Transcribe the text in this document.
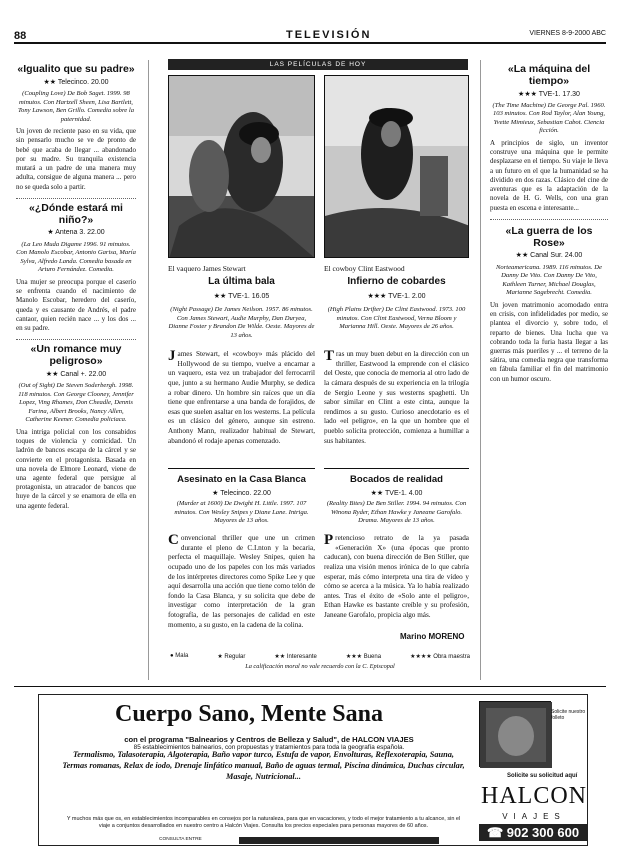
88	TELEVISIÓN	VIERNES 8-9-2000 ABC
«Igualito que su padre»
★★ Telecinco. 20.00
(Coupling Love) De Bob Saget. 1999. 98 minutos. Con Hartzell Sheen, Lisa Bartlett, Tony Lawson, Ben Grillo. Comedia sobre la paternidad.

Un joven de reciente paso en su vida, que sin pensarlo mucho se ve de pronto de bebé que acaba de llegar ... abandonado por su madre. Su tranquila existencia mutará a un padre de una manera muy adulta, consigue de alguna manera ... pero no se queda solo a partir.

«¿Dónde estará mi niño?»
★ Antena 3. 22.00
(La Leo Muda Digame 1996. 91 minutos. Con Manolo Escobar, Antonio Garisa, María Sylva, Alfredo Landa. Comedia basada en Arturo Fernández. Comedia.

Una mujer se preocupa porque el caserío se enfrenta cuando el nacimiento de Manolo Escobar, heredero del caserío, queda y es causante de Andrés, el padre cantaor, quien recién nace ... y los dos ... en su padre.

«Un romance muy peligroso»
★★ Canal +. 22.00
(Out of Sight) De Steven Soderbergh. 1998. 118 minutos. Con George Clooney, Jennifer Lopez, Ving Rhames, Don Cheadle, Dennis Farina, Albert Brooks, Nancy Allen, Catherine Keener. Comedia policiaca.

Una intriga policial con los consabidos toques de violencia y comicidad. Un ladrón de bancos escapa de la cárcel y se convierte en el protagonista. Basada en una novela de Elmore Leonard, viene de una agente federal que persigue al protagonista, un atracador de bancos que huye de la cárcel y se enamora de ella en una agente federal.

«La máquina del tiempo»
★★★ TVE-1. 17.30
(The Time Machine) De George Pal. 1960. 103 minutos. Con Rod Taylor, Alan Young, Yvette Mimieux, Sebastian Cabot. Ciencia ficción.

A principios de siglo, un inventor construye una máquina que le permite desplazarse en el tiempo. Su viaje le lleva a un futuro en el que la humanidad se ha dividido en dos razas. Clásico del cine de aventuras que es la adaptación de la novela de H. G. Wells, con una gran puesta en escena e interesante...

«La guerra de los Rose»
★★ Canal Sur. 24.00
Norteamericana. 1989. 116 minutos. De Danny De Vito. Con Danny De Vito, Kathleen Turner, Michael Douglas, Marianne Sagebrecht. Comedia.

Un joven matrimonio acomodado entra en crisis, con infidelidades por medio, se plantea el divorcio y, sobre todo, el reparto de bienes. Una lucha que va cobrando toda la furia hasta llegar a las guerras más pueriles y ... el terreno de la sátira, una comedia negra que transforma en fábula familiar el fin del matrimonio con un humor oscuro.

LAS PELÍCULAS DE HOY
El vaquero James Stewart
La última bala
★★ TVE-1. 16.05
(Night Passage) De James Neilson. 1957. 86 minutos. Con James Stewart, Audie Murphy, Dan Duryea, Dianne Foster y Brandon De Wilde. Oeste. Mayores de 13 años.
James Stewart, el «cowboy» más plácido del Hollywood de su tiempo, vuelve a encarnar a un vaquero, esta vez un trabajador del ferrocarril que, junto a su hermano Audie Murphy, se dedica a robar dinero. Un hombre sin raíces que un día tiene que enfrentarse a una banda de forajidos, de esas que suelen asaltar en los westerns. La película es un clásico del género, aunque sin estreno. Anthony Mann, realizador habitual de Stewart, abandonó el rodaje apenas comenzado.
El cowboy Clint Eastwood
Infierno de cobardes
★★★ TVE-1. 2.00
(High Plains Drifter) De Clint Eastwood. 1973. 100 minutos. Con Clint Eastwood, Verna Bloom y Marianna Hill. Oeste. Mayores de 26 años.
Tras un muy buen debut en la dirección con un thriller, Eastwood la emprende con el clásico del Oeste, que conocía de memoria al otro lado de la cámara después de su experiencia en la trilogía de Sergio Leone y sus westerns spaghetti. Un sabor similar en Clint a este cinta, aunque la rendimos a su gusto. Curioso anecdotario es el lado «el peligro», en la que un hombre que el pueblo solicita protección, comienza a humillar a sus habitantes.
Asesinato en la Casa Blanca
★ Telecinco. 22.00
(Murder at 1600) De Dwight H. Little. 1997. 107 minutos. Con Wesley Snipes y Diane Lane. Intriga. Mayores de 13 años.
Convencional thriller que une un crimen durante el pleno de C.I.nton y la becaria, perfecta el maquillaje. Wesley Snipes, quien ha ocupado uno de los papeles con los más variados de los intérpretes directores como Spike Lee y que aquí desarrolla una acción que tiene como telón de fondo la Casa Blanca, y su solicita que debe de investigar como interpretación de la gran fotografía, de las personajes de calidad en este momento, a su gusto, en la cadena de la colina.
Bocados de realidad
★★ TVE-1. 4.00
(Reality Bites) De Ben Stiller. 1994. 94 minutos. Con Winona Ryder, Ethan Hawke y Janeane Garofalo. Drama. Mayores de 13 años.
Pretencioso retrato de la ya pasada «Generación X» (una épocas que pronto caducan), con buena dirección de Ben Stiller, que realiza una visión menos irónica de lo que cabría esperar, más cómo interpreta una tira de vídeo y cómo se acerca a la música. Ya lo había realizado antes. Tras el éxito de «Solo ante el peligro», Ethan Hawke es bastante creíble y su profesión, Janeane Garofalo, propicia algo más.
Marino MORENO
● Mala	★ Regular	★★ Interesante	★★★ Buena	★★★★ Obra maestra
La calificación moral no vale recuerdo con la C. Episcopal
Cuerpo Sano, Mente Sana
con el programa "Balnearios y Centros de Belleza y Salud", de HALCON VIAJES
85 establecimientos balnearios, con propuestas y tratamientos para toda la geografía española.
Termalismo, Talasoterapia, Algoterapia, Baño vapor turco, Estufa de vapor, Envolturas, Reflexoterapia, Sauna, Termas romanas, Relax de iodo, Drenaje linfático manual, Baño de aguas termal, Piscina dinámica, Duchas circular, Masaje, Nutricional...
Y muchos más que os, en establecimientos incomparables en consejos por la naturaleza, para que en vacaciones, y todo el mejor tratamiento a tu alcance, sin el viaje a conjuntos desarrollados en nuestro centro a Halcón Viajes. Consulta los precios especiales para personas mayores de 60 años.
CONSULTA ENTRE
Solicite nuestro folleto
Solicite su solicitud aquí
HALCON
VIAJES
☎ 902 300 600
